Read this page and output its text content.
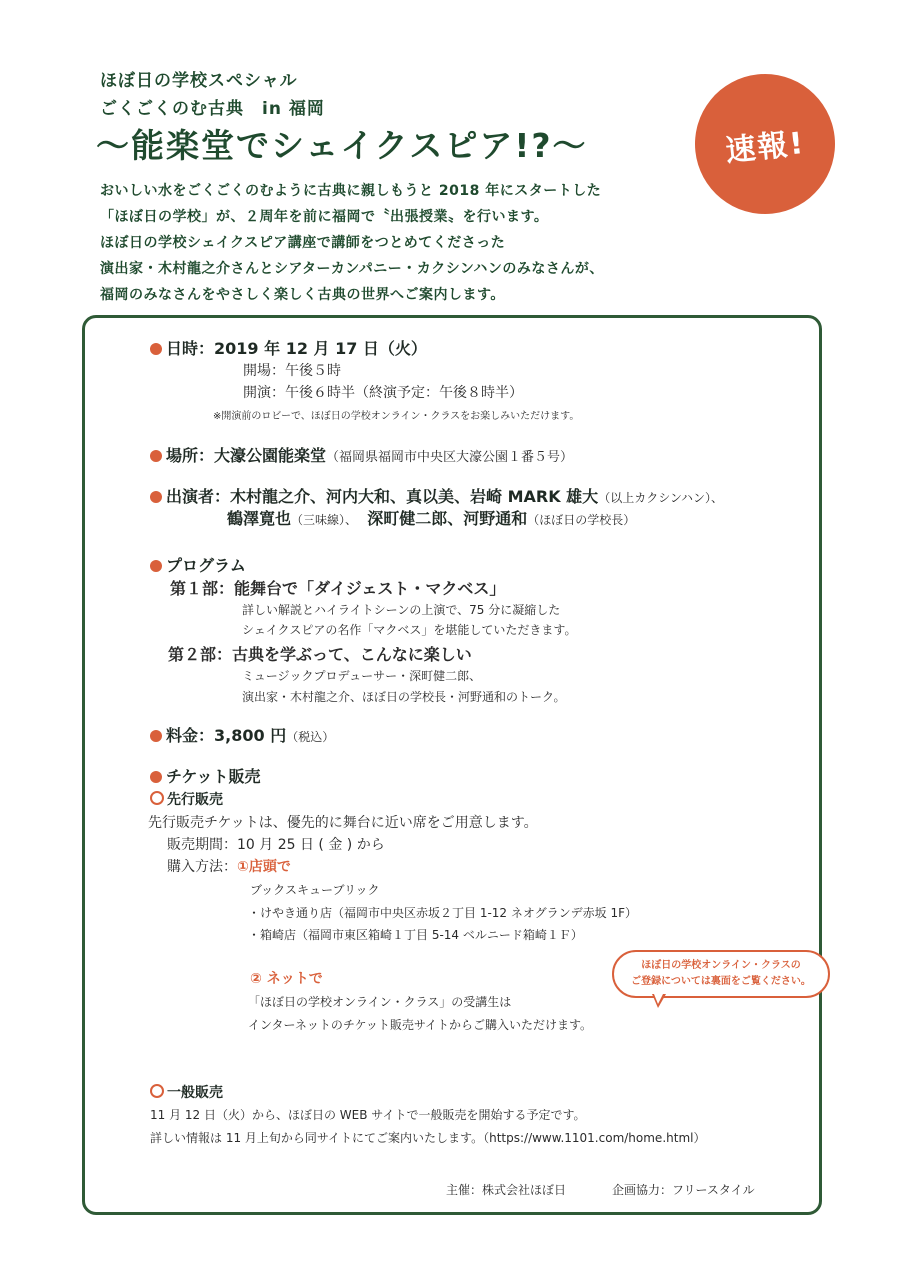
ほぼ日の学校スペシャル
ごくごくのむ古典　in 福岡
〜能楽堂でシェイクスピア!?〜	速報!
おいしい水をごくごくのむように古典に親しもうと 2018 年にスタートした
「ほぼ日の学校」が、２周年を前に福岡で〝出張授業〟を行います。
ほぼ日の学校シェイクスピア講座で講師をつとめてくださった
演出家・木村龍之介さんとシアターカンパニー・カクシンハンのみなさんが、
福岡のみなさんをやさしく楽しく古典の世界へご案内します。
日時：2019 年 12 月 17 日（火）
開場：午後５時
開演：午後６時半（終演予定：午後８時半）
※開演前のロビーで、ほぼ日の学校オンライン・クラスをお楽しみいただけます。
場所：大濠公園能楽堂（福岡県福岡市中央区大濠公園１番５号）
出演者：木村龍之介、河内大和、真以美、岩崎 MARK 雄大（以上カクシンハン）、
鶴澤寛也（三味線）、 深町健二郎、河野通和（ほぼ日の学校長）
プログラム
第１部：能舞台で「ダイジェスト・マクベス」
詳しい解説とハイライトシーンの上演で、75 分に凝縮した
シェイクスピアの名作「マクベス」を堪能していただきます。
第２部：古典を学ぶって、こんなに楽しい
ミュージックプロデューサー・深町健二郎、
演出家・木村龍之介、ほぼ日の学校長・河野通和のトーク。
料金：3,800 円（税込）
チケット販売
先行販売
先行販売チケットは、優先的に舞台に近い席をご用意します。
販売期間：10 月 25 日 ( 金 ) から
購入方法：①店頭で
ブックスキューブリック
・けやき通り店（福岡市中央区赤坂２丁目 1-12 ネオグランデ赤坂 1F）
・箱崎店（福岡市東区箱崎１丁目 5-14 ベルニード箱崎１Ｆ）
② ネットで
「ほぼ日の学校オンライン・クラス」の受講生は
インターネットのチケット販売サイトからご購入いただけます。
ほぼ日の学校オンライン・クラスの
ご登録については裏面をご覧ください。
一般販売
11 月 12 日（火）から、ほぼ日の WEB サイトで一般販売を開始する予定です。
詳しい情報は 11 月上旬から同サイトにてご案内いたします。（https://www.1101.com/home.html）
主催：株式会社ほぼ日	企画協力：フリースタイル
